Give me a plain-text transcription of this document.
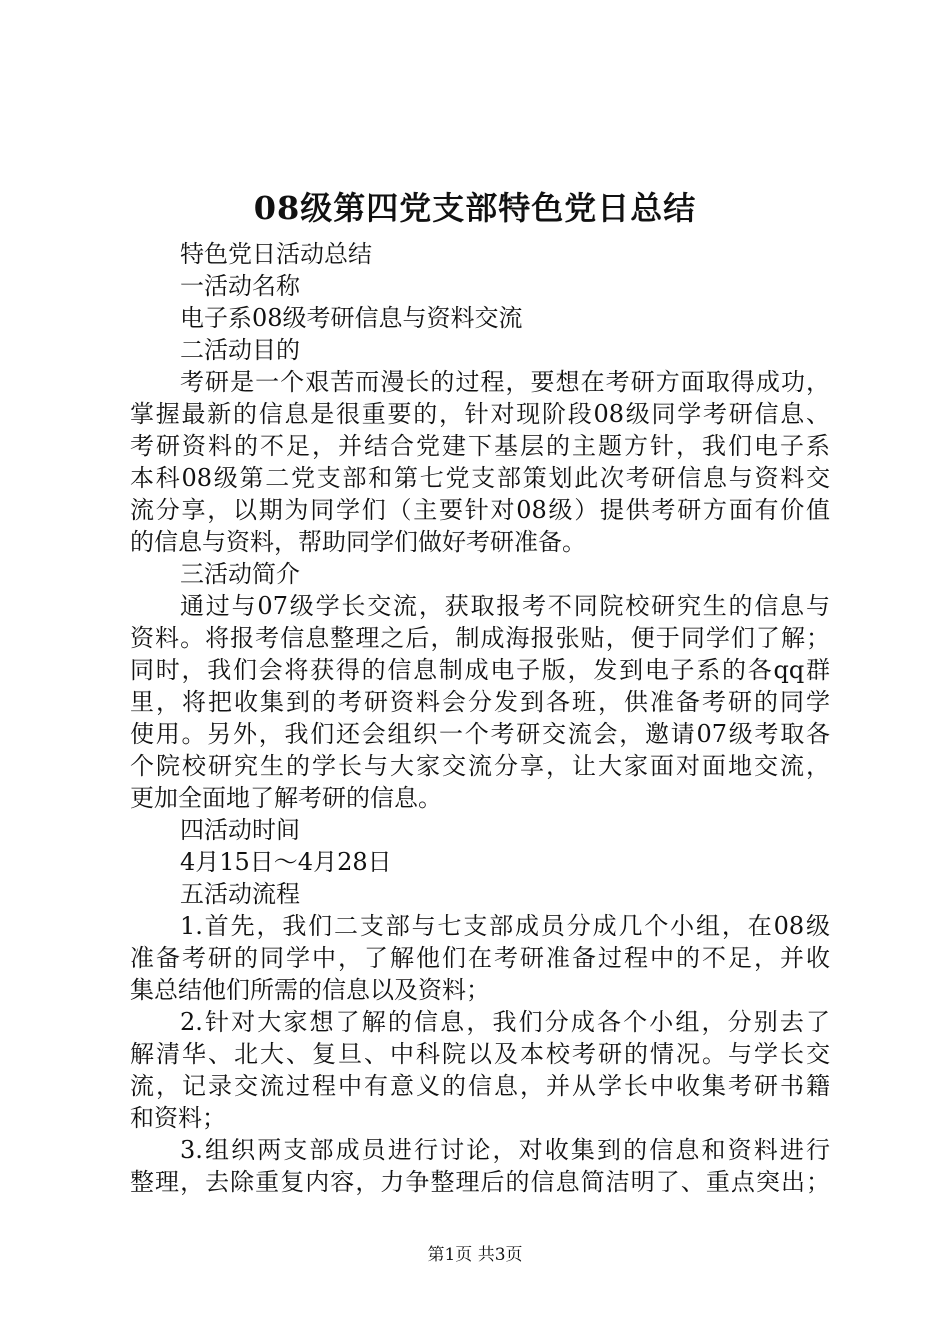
08级第四党支部特色党日总结
特色党日活动总结
一活动名称
电子系08级考研信息与资料交流
二活动目的
考研是一个艰苦而漫长的过程，要想在考研方面取得成功，
掌握最新的信息是很重要的，针对现阶段08级同学考研信息、
考研资料的不足，并结合党建下基层的主题方针，我们电子系
本科08级第二党支部和第七党支部策划此次考研信息与资料交
流分享，以期为同学们（主要针对08级）提供考研方面有价值
的信息与资料，帮助同学们做好考研准备。
三活动简介
通过与07级学长交流，获取报考不同院校研究生的信息与
资料。将报考信息整理之后，制成海报张贴，便于同学们了解；
同时，我们会将获得的信息制成电子版，发到电子系的各qq群
里，将把收集到的考研资料会分发到各班，供准备考研的同学
使用。另外，我们还会组织一个考研交流会，邀请07级考取各
个院校研究生的学长与大家交流分享，让大家面对面地交流，
更加全面地了解考研的信息。
四活动时间
4月15日～4月28日
五活动流程
1.首先，我们二支部与七支部成员分成几个小组，在08级
准备考研的同学中，了解他们在考研准备过程中的不足，并收
集总结他们所需的信息以及资料；
2.针对大家想了解的信息，我们分成各个小组，分别去了
解清华、北大、复旦、中科院以及本校考研的情况。与学长交
流，记录交流过程中有意义的信息，并从学长中收集考研书籍
和资料；
3.组织两支部成员进行讨论，对收集到的信息和资料进行
整理，去除重复内容，力争整理后的信息简洁明了、重点突出；
第1页 共3页
